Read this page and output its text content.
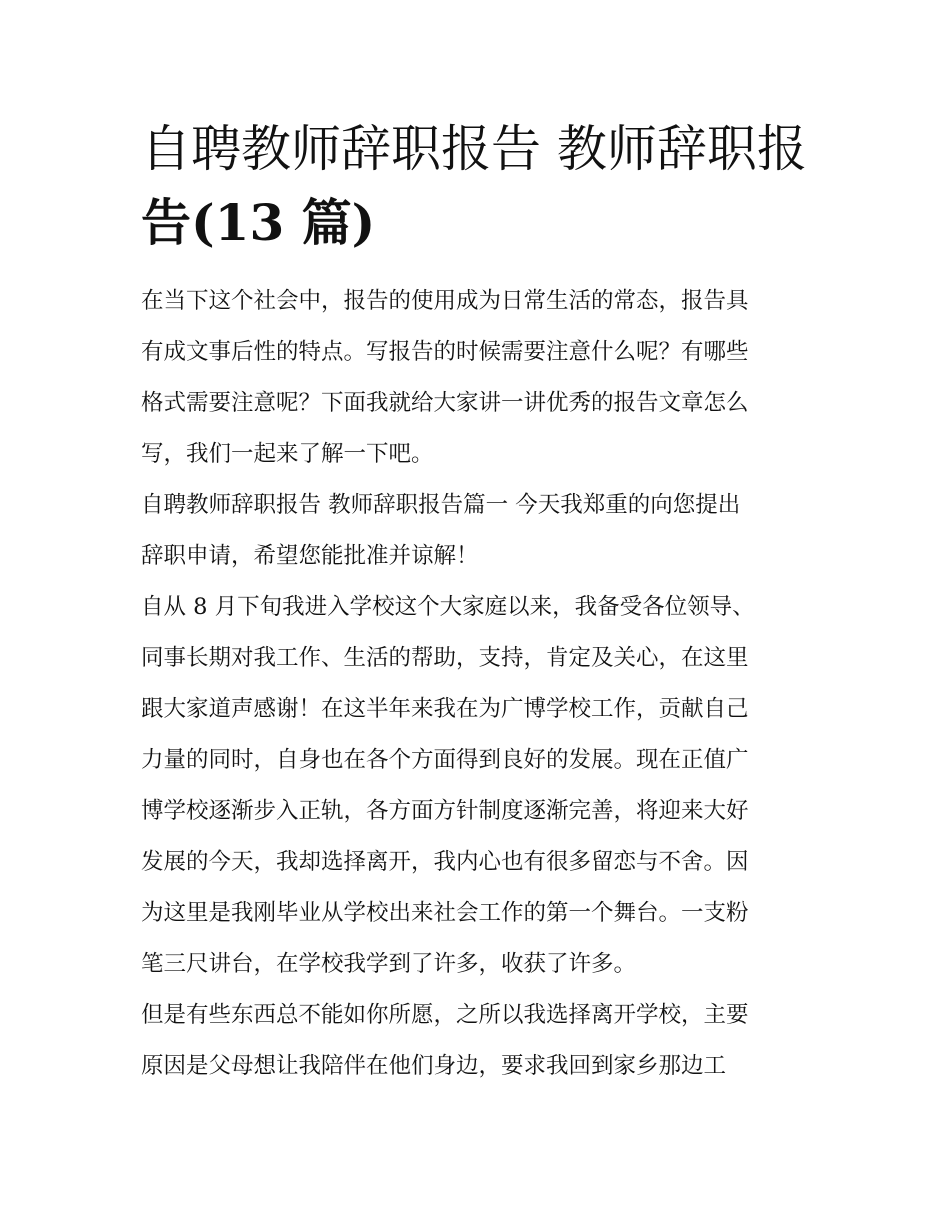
自聘教师辞职报告 教师辞职报
告(13 篇)

在当下这个社会中，报告的使用成为日常生活的常态，报告具
有成文事后性的特点。写报告的时候需要注意什么呢？有哪些
格式需要注意呢？下面我就给大家讲一讲优秀的报告文章怎么
写，我们一起来了解一下吧。

自聘教师辞职报告 教师辞职报告篇一 今天我郑重的向您提出
辞职申请，希望您能批准并谅解！

自从 8 月下旬我进入学校这个大家庭以来，我备受各位领导、
同事长期对我工作、生活的帮助，支持，肯定及关心，在这里
跟大家道声感谢！在这半年来我在为广博学校工作，贡献自己
力量的同时，自身也在各个方面得到良好的发展。现在正值广
博学校逐渐步入正轨，各方面方针制度逐渐完善，将迎来大好
发展的今天，我却选择离开，我内心也有很多留恋与不舍。因
为这里是我刚毕业从学校出来社会工作的第一个舞台。一支粉
笔三尺讲台，在学校我学到了许多，收获了许多。

但是有些东西总不能如你所愿，之所以我选择离开学校，主要
原因是父母想让我陪伴在他们身边，要求我回到家乡那边工
